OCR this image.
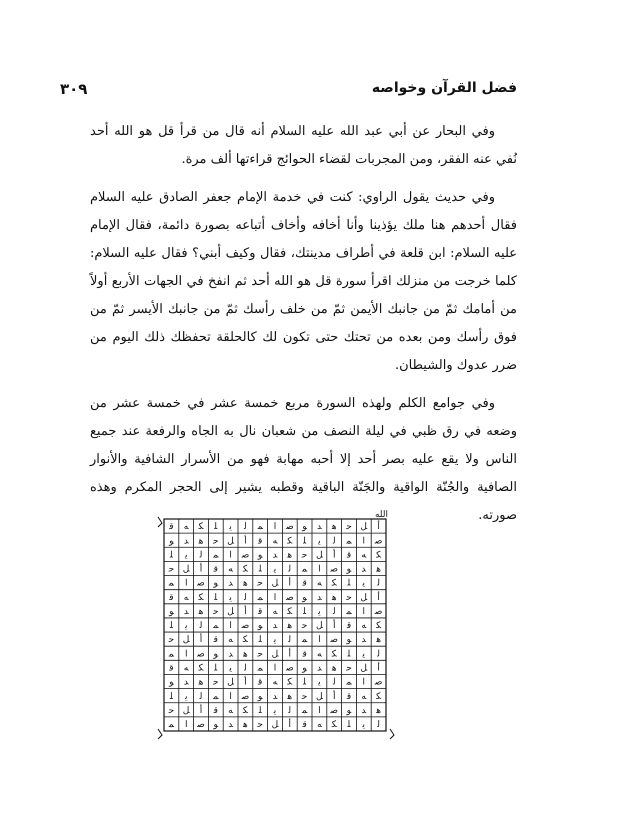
٣٠٩	فضل القرآن وخواصه

وفي البحار عن أبي عبد الله عليه السلام أنه قال من قرأ قل هو الله أحد نُفي عنه الفقر، ومن المجربات لقضاء الحوائج قراءتها ألف مرة.

وفي حديث يقول الراوي: كنت في خدمة الإمام جعفر الصادق عليه السلام فقال أحدهم هنا ملك يؤذينا وأنا أخافه وأخاف أتباعه بصورة دائمة، فقال الإمام عليه السلام: ابن قلعة في أطراف مدينتك، فقال وكيف أبني؟ فقال عليه السلام: كلما خرجت من منزلك اقرأ سورة قل هو الله أحد ثم انفخ في الجهات الأربع أولاً من أمامك ثمّ من جانبك الأيمن ثمّ من خلف رأسك ثمّ من جانبك الأيسر ثمّ من فوق رأسك ومن بعده من تحتك حتى تكون لك كالحلقة تحفظك ذلك اليوم من ضرر عدوك والشيطان.

وفي جوامع الكلم ولهذه السورة مربع خمسة عشر في خمسة عشر من وضعه في رق ظبي في ليلة النصف من شعبان نال به الجاه والرفعة عند جميع الناس ولا يقع عليه بصر أحد إلا أحبه مهابة فهو من الأسرار الشافية والأنوار الصافية والجُنّة الواقية والجَنّة الباقية وقطبه يشير إلى الحجر المكرم وهذه صورته.

ﻗ ﻪ ﻜ ﻠ ﻳ ﻟ ﻤ ا ﺻ ﻮ ﺪ ﻫ ﺣ ﻞ أ
ﻮ ﺪ ﻫ ﺣ ﻞ أ ﻗ ﻪ ﻜ ﻠ ﻳ ﻟ ﻤ ا ﺻ
ﻠ ﻳ ﻟ ﻤ ا ﺻ ﻮ ﺪ ﻫ ﺣ ﻞ أ ﻗ ﻪ ﻜ
ﺣ ﻞ أ ﻗ ﻪ ﻜ ﻠ ﻳ ﻟ ﻤ ا ﺻ ﻮ ﺪ ﻫ
ﻤ ا ﺻ ﻮ ﺪ ﻫ ﺣ ﻞ أ ﻗ ﻪ ﻜ ﻠ ﻳ ﻟ
ﻗ ﻪ ﻜ ﻠ ﻳ ﻟ ﻤ ا ﺻ ﻮ ﺪ ﻫ ﺣ ﻞ أ
ﻮ ﺪ ﻫ ﺣ ﻞ أ ﻗ ﻪ ﻜ ﻠ ﻳ ﻟ ﻤ ا ﺻ
ﻠ ﻳ ﻟ ﻤ ا ﺻ ﻮ ﺪ ﻫ ﺣ ﻞ أ ﻗ ﻪ ﻜ
ﺣ ﻞ أ ﻗ ﻪ ﻜ ﻠ ﻳ ﻟ ﻤ ا ﺻ ﻮ ﺪ ﻫ
ﻤ ا ﺻ ﻮ ﺪ ﻫ ﺣ ﻞ أ ﻗ ﻪ ﻜ ﻠ ﻳ ﻟ
ﻗ ﻪ ﻜ ﻠ ﻳ ﻟ ﻤ ا ﺻ ﻮ ﺪ ﻫ ﺣ ﻞ أ
ﻮ ﺪ ﻫ ﺣ ﻞ أ ﻗ ﻪ ﻜ ﻠ ﻳ ﻟ ﻤ ا ﺻ
ﻠ ﻳ ﻟ ﻤ ا ﺻ ﻮ ﺪ ﻫ ﺣ ﻞ أ ﻗ ﻪ ﻜ
ﺣ ﻞ أ ﻗ ﻪ ﻜ ﻠ ﻳ ﻟ ﻤ ا ﺻ ﻮ ﺪ ﻫ
ﻤ ا ﺻ ﻮ ﺪ ﻫ ﺣ ﻞ أ ﻗ ﻪ ﻜ ﻠ ﻳ ﻟ
الله
